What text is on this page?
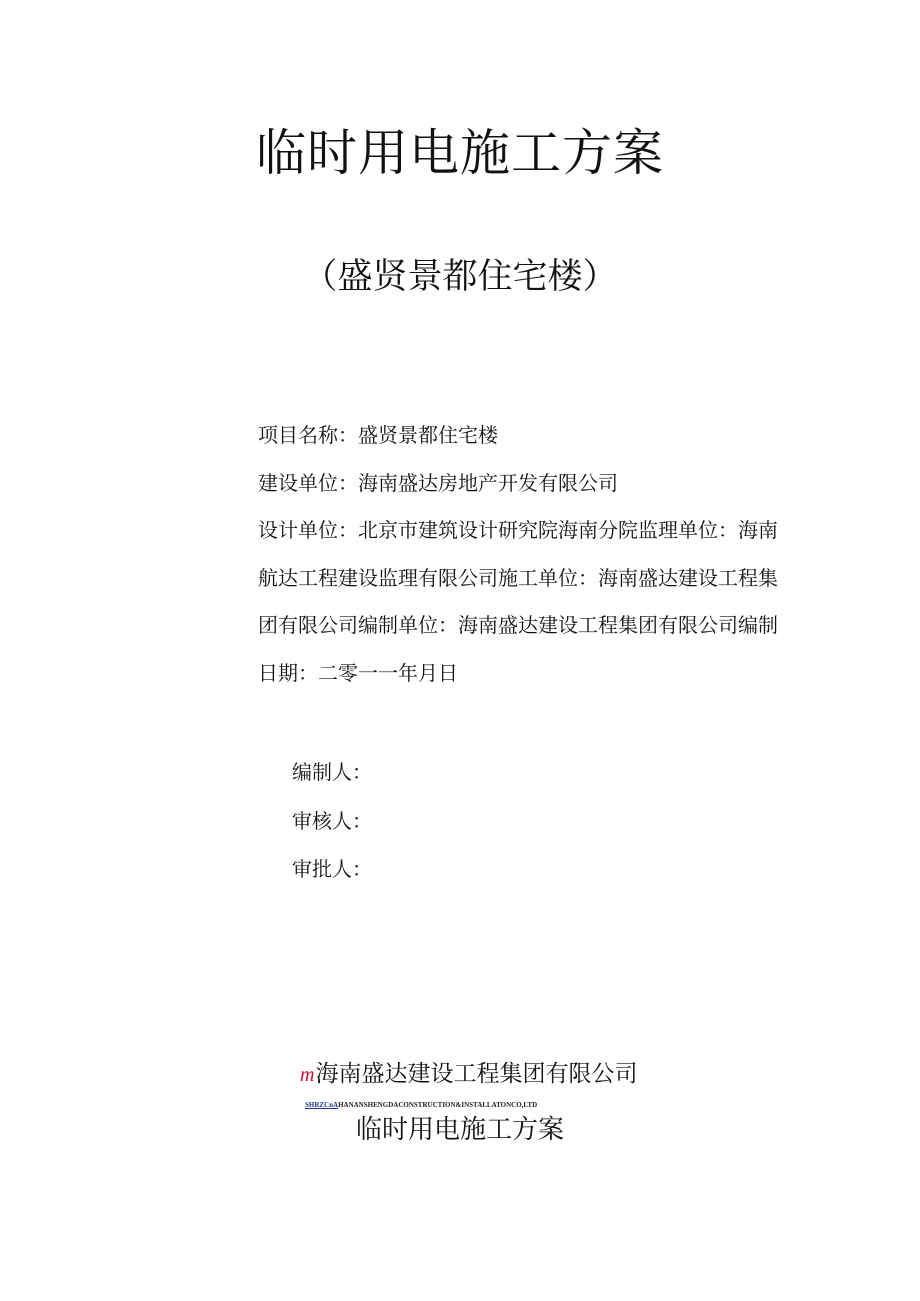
临时用电施工方案

（盛贤景都住宅楼）

项目名称：盛贤景都住宅楼

建设单位：海南盛达房地产开发有限公司

设计单位：北京市建筑设计研究院海南分院监理单位：海南

航达工程建设监理有限公司施工单位：海南盛达建设工程集

团有限公司编制单位：海南盛达建设工程集团有限公司编制

日期：二零一一年月日

编制人：

审核人：

审批人：

m海南盛达建设工程集团有限公司
SHRZCnAHANANSHENGDACONSTRUCTION&INSTALLATONCO,LTD

临时用电施工方案
